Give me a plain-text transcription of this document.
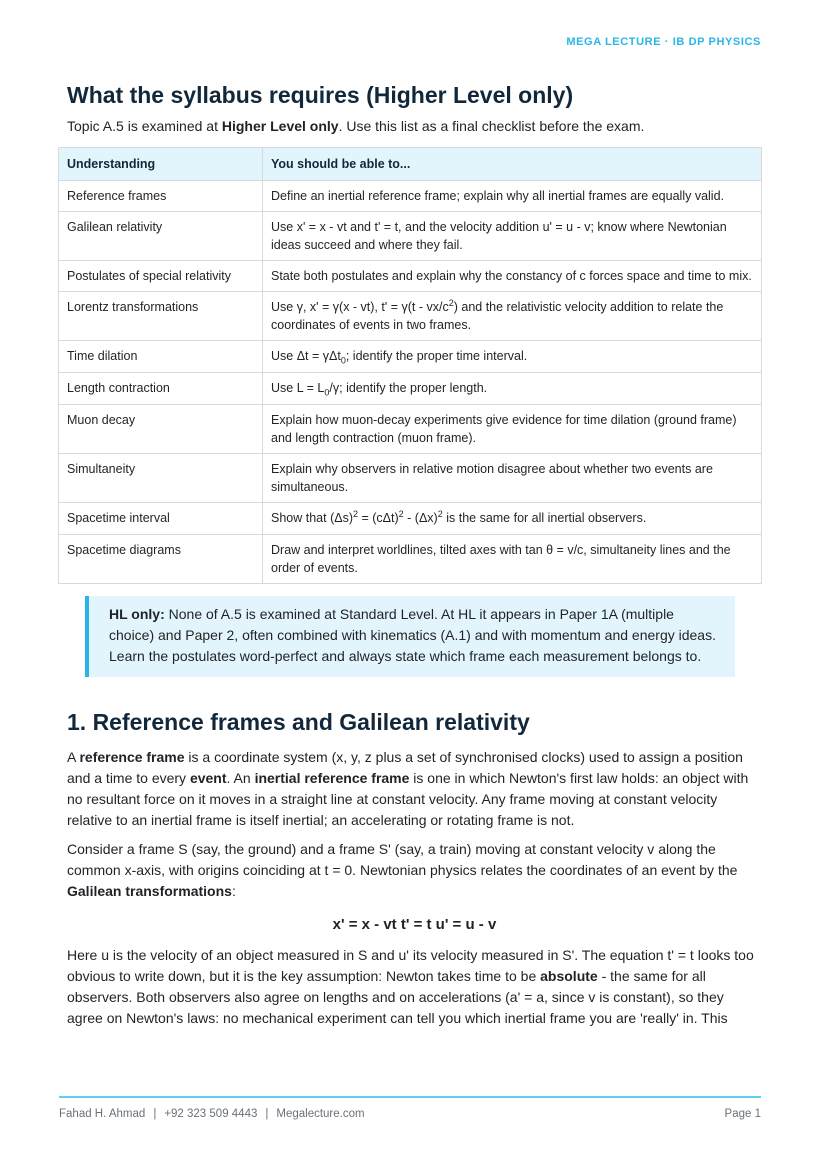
MEGA LECTURE · IB DP PHYSICS
What the syllabus requires (Higher Level only)

Topic A.5 is examined at Higher Level only. Use this list as a final checklist before the exam.

Understanding	You should be able to...
Reference frames	Define an inertial reference frame; explain why all inertial frames are equally valid.
Galilean relativity	Use x' = x - vt and t' = t, and the velocity addition u' = u - v; know where Newtonian ideas succeed and where they fail.
Postulates of special relativity	State both postulates and explain why the constancy of c forces space and time to mix.
Lorentz transformations	Use γ, x' = γ(x - vt), $t' = \gamma(t - vx/c^2)$ and the relativistic velocity addition to relate the coordinates of events in two frames.
Time dilation	Use Δt = γΔt$_0$; identify the proper time interval.
Length contraction	Use $L = L_0/\gamma$; identify the proper length.
Muon decay	Explain how muon-decay experiments give evidence for time dilation (ground frame) and length contraction (muon frame).
Simultaneity	Explain why observers in relative motion disagree about whether two events are simultaneous.
Spacetime interval	Show that $(\Delta s)^2 = (c\Delta t)^2 - (\Delta x)^2$ is the same for all inertial observers.
Spacetime diagrams	Draw and interpret worldlines, tilted axes with tan θ = v/c, simultaneity lines and the order of events.
HL only: None of A.5 is examined at Standard Level. At HL it appears in Paper 1A (multiple choice) and Paper 2, often combined with kinematics (A.1) and with momentum and energy ideas. Learn the postulates word-perfect and always state which frame each measurement belongs to.
1. Reference frames and Galilean relativity

A reference frame is a coordinate system (x, y, z plus a set of synchronised clocks) used to assign a position and a time to every event. An inertial reference frame is one in which Newton's first law holds: an object with no resultant force on it moves in a straight line at constant velocity. Any frame moving at constant velocity relative to an inertial frame is itself inertial; an accelerating or rotating frame is not.

Consider a frame S (say, the ground) and a frame S' (say, a train) moving at constant velocity v along the common x-axis, with origins coinciding at t = 0. Newtonian physics relates the coordinates of an event by the Galilean transformations:

x' = x - vt t' = t u' = u - v

Here u is the velocity of an object measured in S and u' its velocity measured in S'. The equation t' = t looks too obvious to write down, but it is the key assumption: Newton takes time to be absolute - the same for all observers. Both observers also agree on lengths and on accelerations (a' = a, since v is constant), so they agree on Newton's laws: no mechanical experiment can tell you which inertial frame you are 'really' in. This

Fahad H. Ahmad | +92 323 509 4443 | Megalecture.com	Page 1
